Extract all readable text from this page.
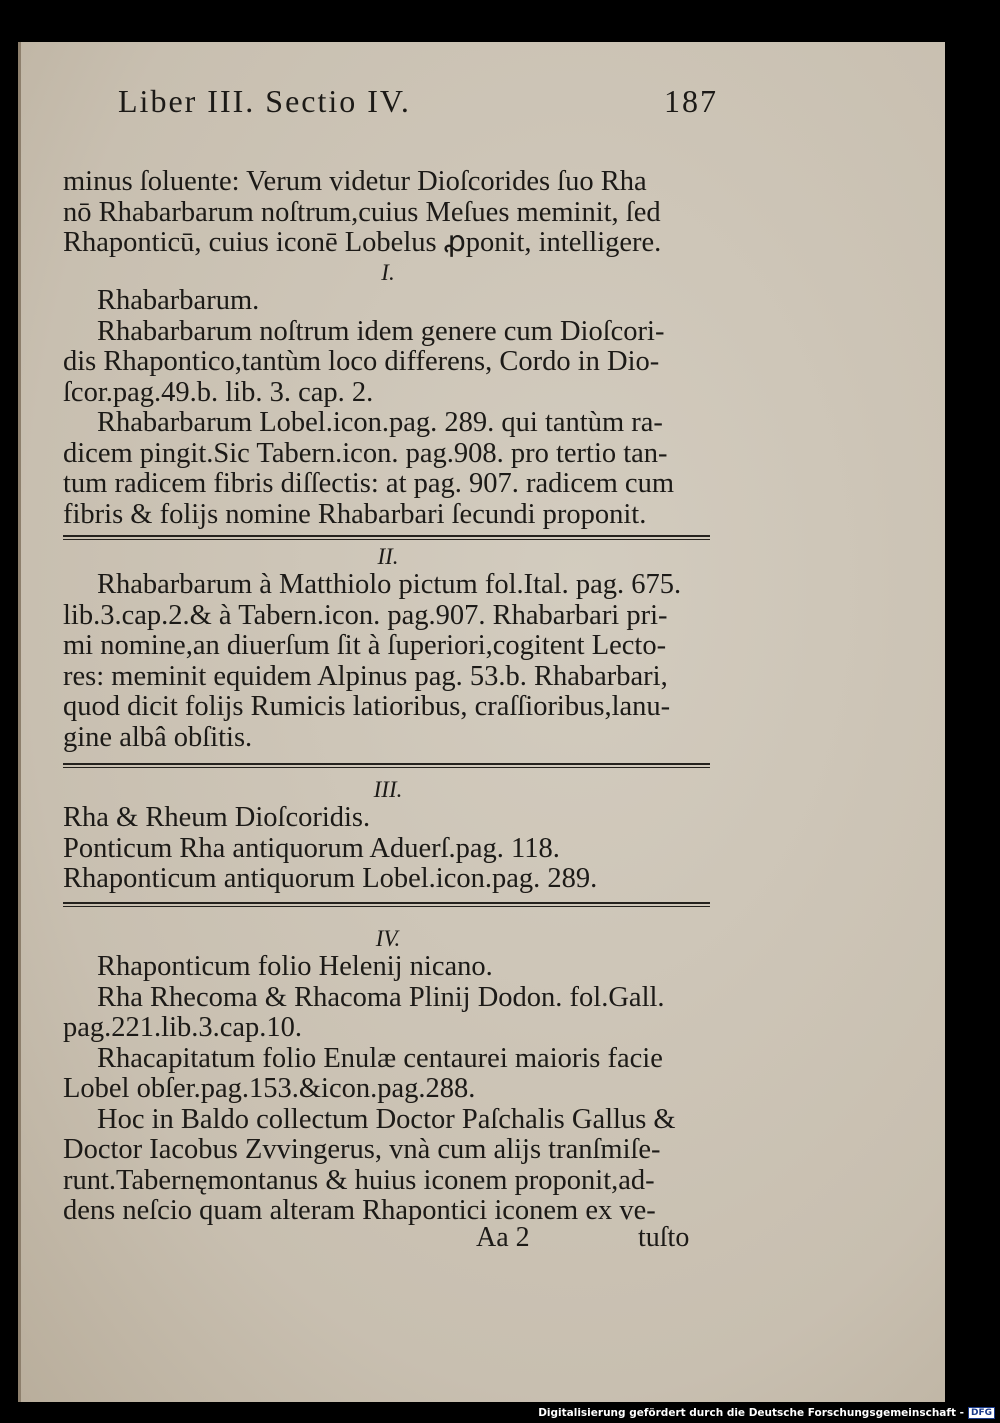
Liber III. Sectio IV.	187
minus ſoluente: Verum videtur Dioſcorides ſuo Rha
nō Rhabarbarum noſtrum,cuius Meſues meminit, ſed
Rhaponticū, cuius iconē Lobelus ꝓponit, intelligere.
I.
Rhabarbarum.
Rhabarbarum noſtrum idem genere cum Dioſcori-
dis Rhapontico,tantùm loco differens, Cordo in Dio-
ſcor.pag.49.b. lib. 3. cap. 2.
Rhabarbarum Lobel.icon.pag. 289. qui tantùm ra-
dicem pingit.Sic Tabern.icon. pag.908. pro tertio tan-
tum radicem fibris diſſectis: at pag. 907. radicem cum
fibris & folijs nomine Rhabarbari ſecundi proponit.
II.
Rhabarbarum à Matthiolo pictum fol.Ital. pag. 675.
lib.3.cap.2.& à Tabern.icon. pag.907. Rhabarbari pri-
mi nomine,an diuerſum ſit à ſuperiori,cogitent Lecto-
res: meminit equidem Alpinus pag. 53.b. Rhabarbari,
quod dicit folijs Rumicis latioribus, craſſioribus,lanu-
gine albâ obſitis.
III.
Rha & Rheum Dioſcoridis.
Ponticum Rha antiquorum Aduerſ.pag. 118.
Rhaponticum antiquorum Lobel.icon.pag. 289.
IV.
Rhaponticum folio Helenij nicano.
Rha Rhecoma & Rhacoma Plinij Dodon. fol.Gall.
pag.221.lib.3.cap.10.
Rhacapitatum folio Enulæ centaurei maioris facie
Lobel obſer.pag.153.&icon.pag.288.
Hoc in Baldo collectum Doctor Paſchalis Gallus &
Doctor Iacobus Zvvingerus, vnà cum alijs tranſmiſe-
runt.Tabernęmontanus & huius iconem proponit,ad-
dens neſcio quam alteram Rhapontici iconem ex ve-
Aa 2	tuſto
Digitalisierung gefördert durch die Deutsche Forschungsgemeinschaft - DFG
